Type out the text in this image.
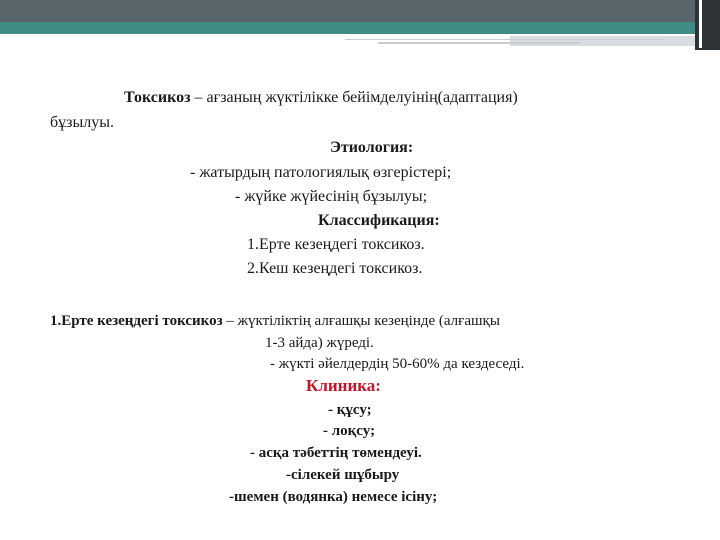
Токсикоз – ағзаның жүктілікке бейімделуінің(адаптация)
бұзылуы.
Этиология:
- жатырдың патологиялық өзгерістері;
- жүйке жүйесінің бұзылуы;
Классификация:
1.Ерте кезеңдегі токсикоз.
2.Кеш кезеңдегі токсикоз.
1.Ерте кезеңдегі токсикоз – жүктіліктің алғашқы кезеңінде (алғашқы
1-3 айда) жүреді.
- жүкті әйелдердің 50-60% да кездеседі.
Клиника:
- құсу;
- лоқсу;
- асқа тәбеттің төмендеуі.
-сілекей шұбыру
-шемен (водянка) немесе ісіну;
